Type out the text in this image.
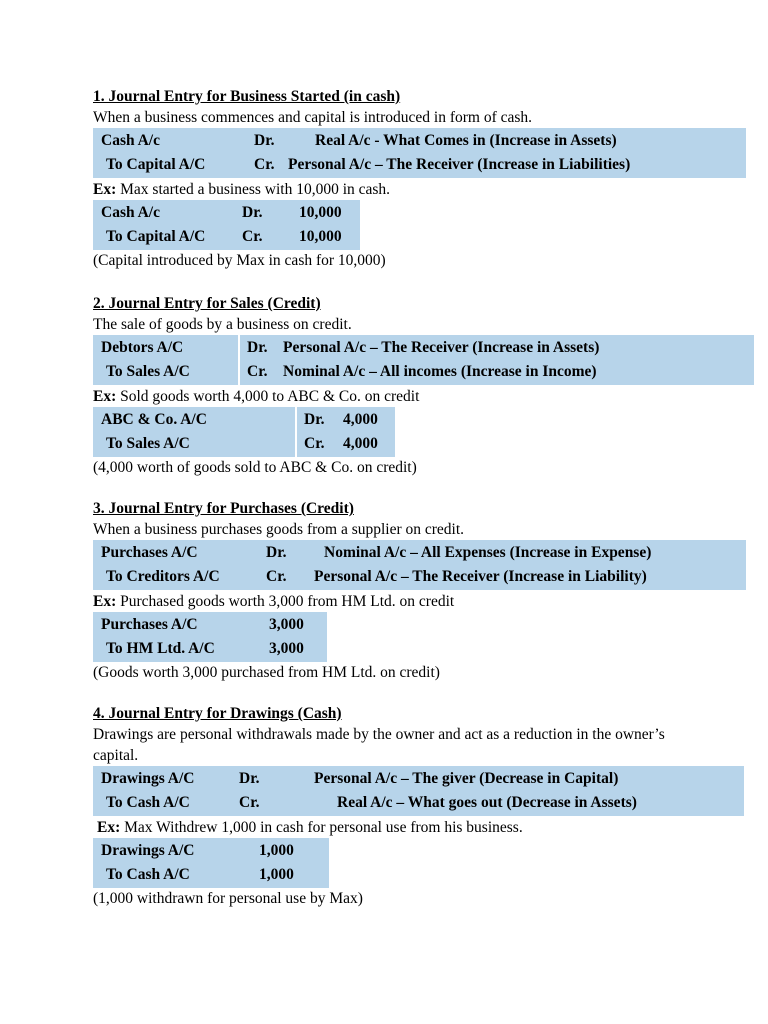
1. Journal Entry for Business Started (in cash)
When a business commences and capital is introduced in form of cash.
Cash A/c	Dr.	Real A/c - What Comes in (Increase in Assets)
To Capital A/C	Cr. Personal A/c – The Receiver (Increase in Liabilities)
Ex: Max started a business with 10,000 in cash.
Cash A/c	Dr. 10,000
To Capital A/C Cr. 10,000
(Capital introduced by Max in cash for 10,000)
2. Journal Entry for Sales (Credit)
The sale of goods by a business on credit.
Debtors A/C	Dr. Personal A/c – The Receiver (Increase in Assets)
To Sales A/C	Cr. Nominal A/c – All incomes (Increase in Income)
Ex: Sold goods worth 4,000 to ABC & Co. on credit
ABC & Co. A/C	Dr. 4,000
To Sales A/C	Cr. 4,000
(4,000 worth of goods sold to ABC & Co. on credit)
3. Journal Entry for Purchases (Credit)
When a business purchases goods from a supplier on credit.
Purchases A/C	Dr. Nominal A/c – All Expenses (Increase in Expense)
To Creditors A/C	Cr. Personal A/c – The Receiver (Increase in Liability)
Ex: Purchased goods worth 3,000 from HM Ltd. on credit
Purchases A/C	3,000
To HM Ltd. A/C	3,000
(Goods worth 3,000 purchased from HM Ltd. on credit)
4. Journal Entry for Drawings (Cash)
Drawings are personal withdrawals made by the owner and act as a reduction in the owner’s capital.
Drawings A/C	Dr.	Personal A/c – The giver (Decrease in Capital)
To Cash A/C	Cr.	Real A/c – What goes out (Decrease in Assets)
Ex: Max Withdrew 1,000 in cash for personal use from his business.
Drawings A/C	1,000
To Cash A/C	1,000
(1,000 withdrawn for personal use by Max)
